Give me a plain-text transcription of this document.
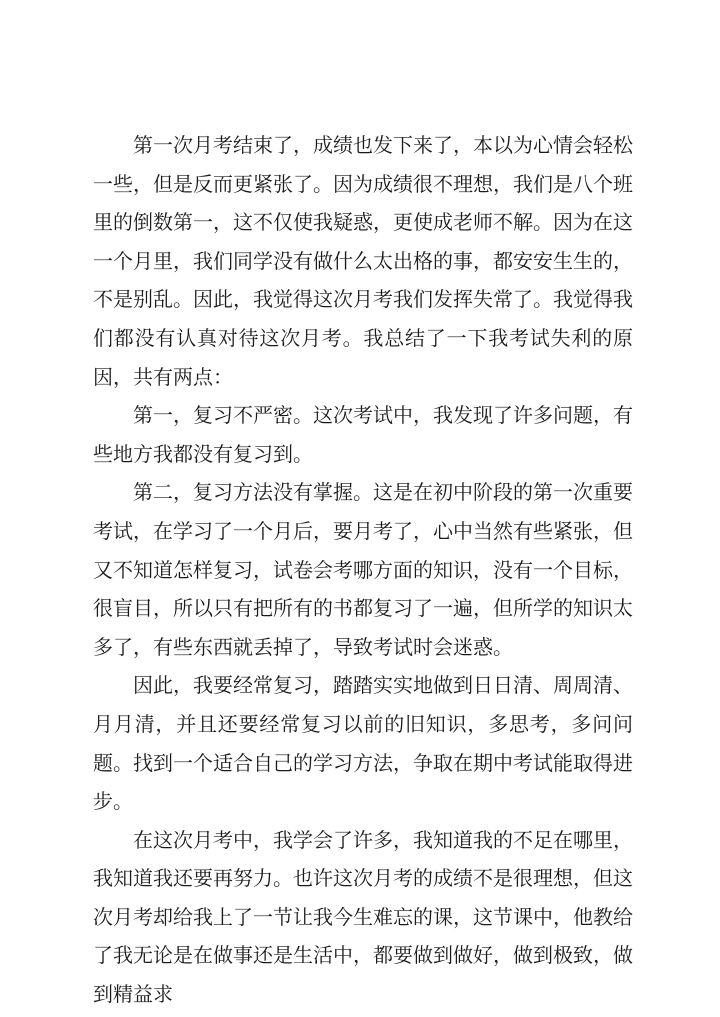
第一次月考结束了，成绩也发下来了，本以为心情会轻松一些，但是反而更紧张了。因为成绩很不理想，我们是八个班里的倒数第一，这不仅使我疑惑，更使成老师不解。因为在这一个月里，我们同学没有做什么太出格的事，都安安生生的，不是别乱。因此，我觉得这次月考我们发挥失常了。我觉得我们都没有认真对待这次月考。我总结了一下我考试失利的原因，共有两点：

第一，复习不严密。这次考试中，我发现了许多问题，有些地方我都没有复习到。

第二，复习方法没有掌握。这是在初中阶段的第一次重要考试，在学习了一个月后，要月考了，心中当然有些紧张，但又不知道怎样复习，试卷会考哪方面的知识，没有一个目标，很盲目，所以只有把所有的书都复习了一遍，但所学的知识太多了，有些东西就丢掉了，导致考试时会迷惑。

因此，我要经常复习，踏踏实实地做到日日清、周周清、月月清，并且还要经常复习以前的旧知识，多思考，多问问题。找到一个适合自己的学习方法，争取在期中考试能取得进步。

在这次月考中，我学会了许多，我知道我的不足在哪里，我知道我还要再努力。也许这次月考的成绩不是很理想，但这次月考却给我上了一节让我今生难忘的课，这节课中，他教给了我无论是在做事还是生活中，都要做到做好，做到极致，做到精益求
